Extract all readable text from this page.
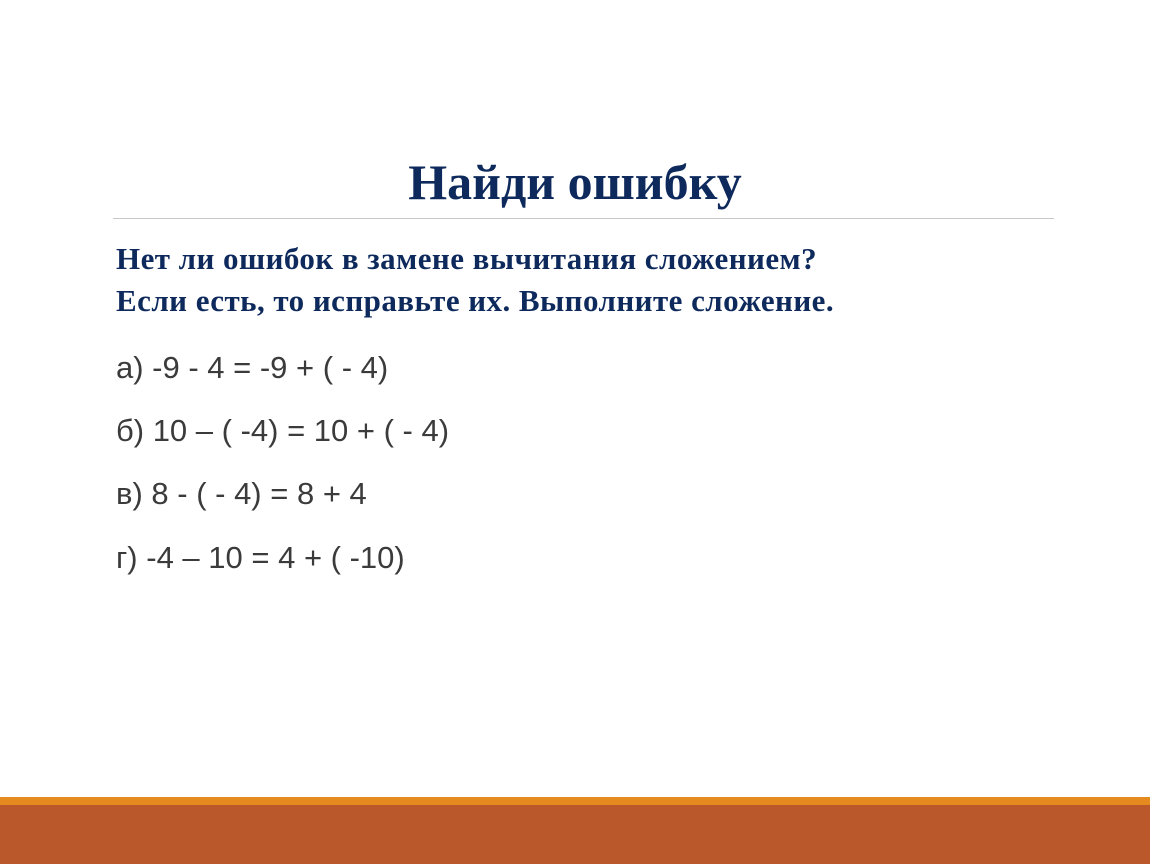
Найди ошибку
Нет ли ошибок в замене вычитания сложением?
Если есть, то исправьте их. Выполните сложение.
а) -9 - 4 = -9 + ( - 4)
б) 10 – ( -4) = 10 + ( - 4)
в) 8 - ( - 4) = 8 + 4
г) -4 – 10 = 4 + ( -10)
